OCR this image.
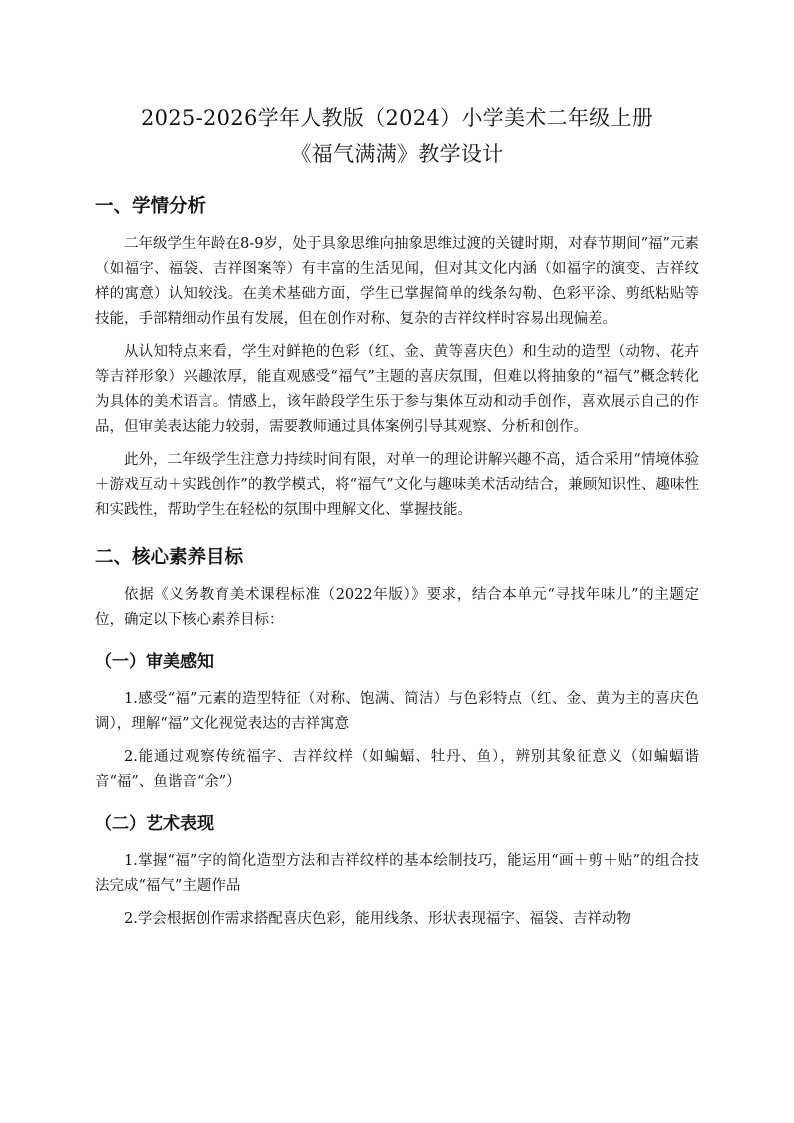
2025-2026学年人教版（2024）小学美术二年级上册
《福气满满》教学设计
一、学情分析

二年级学生年龄在8-9岁，处于具象思维向抽象思维过渡的关键时期，对春节期间“福”元素（如福字、福袋、吉祥图案等）有丰富的生活见闻，但对其文化内涵（如福字的演变、吉祥纹样的寓意）认知较浅。在美术基础方面，学生已掌握简单的线条勾勒、色彩平涂、剪纸粘贴等技能，手部精细动作虽有发展，但在创作对称、复杂的吉祥纹样时容易出现偏差。

从认知特点来看，学生对鲜艳的色彩（红、金、黄等喜庆色）和生动的造型（动物、花卉等吉祥形象）兴趣浓厚，能直观感受“福气”主题的喜庆氛围，但难以将抽象的“福气”概念转化为具体的美术语言。情感上，该年龄段学生乐于参与集体互动和动手创作，喜欢展示自己的作品，但审美表达能力较弱，需要教师通过具体案例引导其观察、分析和创作。

此外，二年级学生注意力持续时间有限，对单一的理论讲解兴趣不高，适合采用“情境体验＋游戏互动＋实践创作”的教学模式，将“福气”文化与趣味美术活动结合，兼顾知识性、趣味性和实践性，帮助学生在轻松的氛围中理解文化、掌握技能。

二、核心素养目标

依据《义务教育美术课程标准（2022年版）》要求，结合本单元“寻找年味儿”的主题定位，确定以下核心素养目标：

（一）审美感知

1.感受“福”元素的造型特征（对称、饱满、简洁）与色彩特点（红、金、黄为主的喜庆色调），理解“福”文化视觉表达的吉祥寓意

2.能通过观察传统福字、吉祥纹样（如蝙蝠、牡丹、鱼），辨别其象征意义（如蝙蝠谐音“福”、鱼谐音“余”）

（二）艺术表现

1.掌握“福”字的简化造型方法和吉祥纹样的基本绘制技巧，能运用“画＋剪＋贴”的组合技法完成“福气”主题作品

2.学会根据创作需求搭配喜庆色彩，能用线条、形状表现福字、福袋、吉祥动物
